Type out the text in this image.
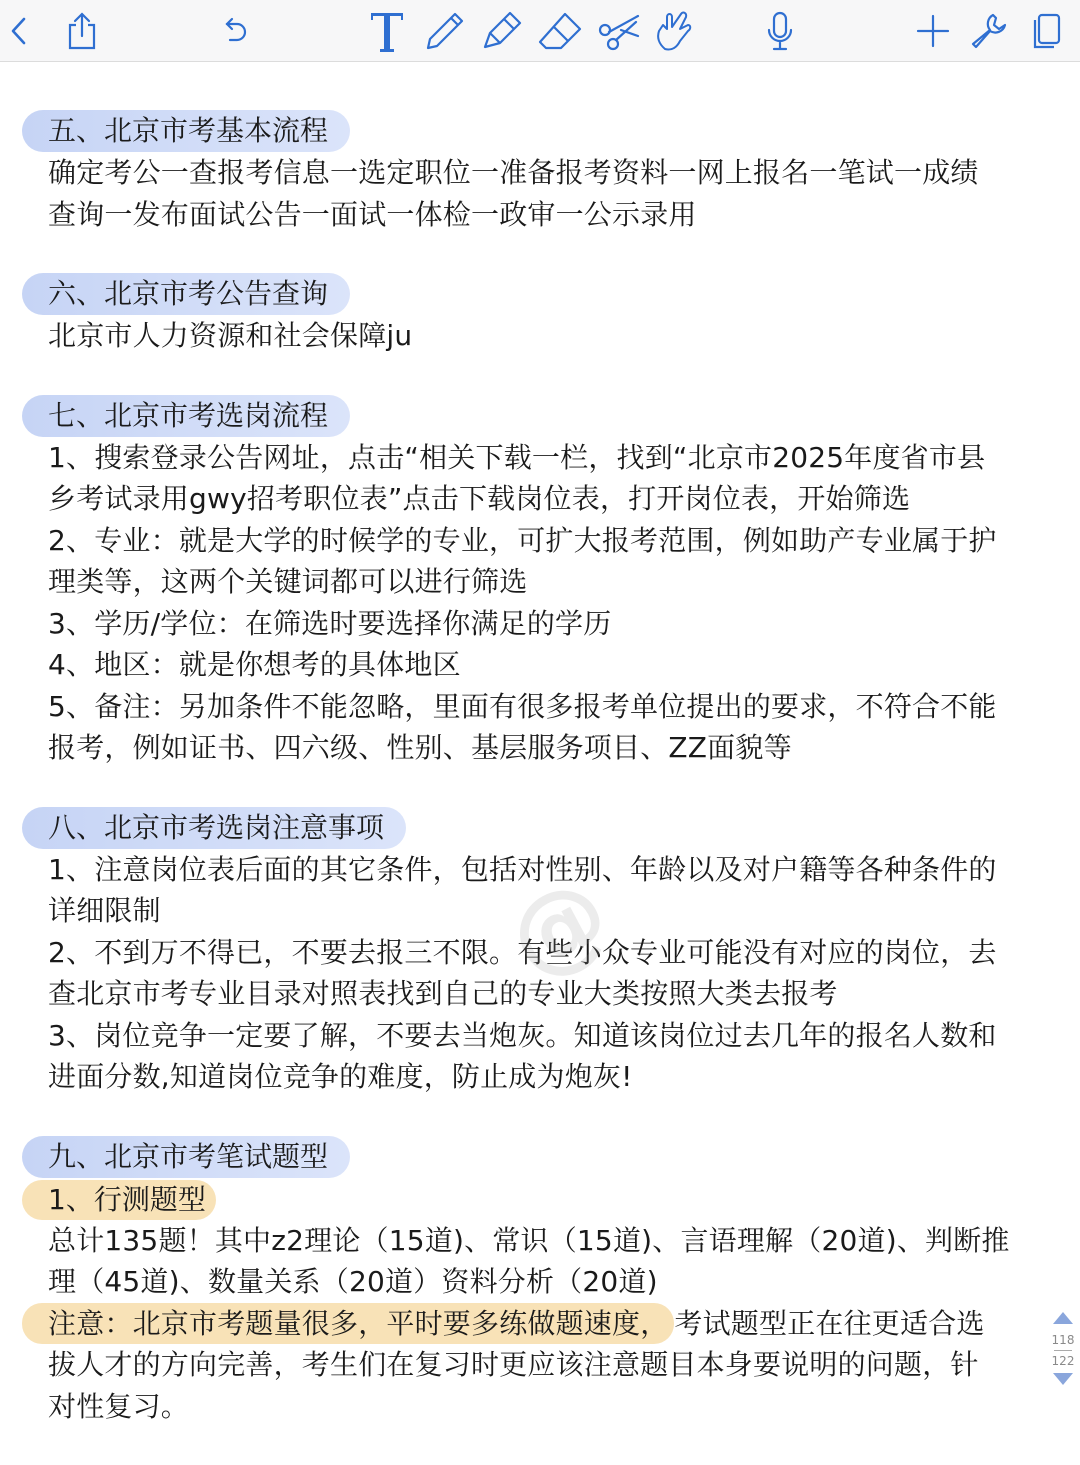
五、北京市考基本流程
确定考公一查报考信息一选定职位一准备报考资料一网上报名一笔试一成绩
查询一发布面试公告一面试一体检一政审一公示录用
六、北京市考公告查询
北京市人力资源和社会保障ju
七、北京市考选岗流程
1、搜索登录公告网址，点击“相关下载一栏，找到“北京市2025年度省市县
乡考试录用gwy招考职位表”点击下载岗位表，打开岗位表，开始筛选
2、专业：就是大学的时候学的专业，可扩大报考范围，例如助产专业属于护
理类等，这两个关键词都可以进行筛选
3、学历/学位：在筛选时要选择你满足的学历
4、地区：就是你想考的具体地区
5、备注：另加条件不能忽略，里面有很多报考单位提出的要求，不符合不能
报考，例如证书、四六级、性别、基层服务项目、ZZ面貌等
八、北京市考选岗注意事项
1、注意岗位表后面的其它条件，包括对性别、年龄以及对户籍等各种条件的
详细限制
2、不到万不得已，不要去报三不限。有些小众专业可能没有对应的岗位，去
查北京市考专业目录对照表找到自己的专业大类按照大类去报考
3、岗位竞争一定要了解，不要去当炮灰。知道该岗位过去几年的报名人数和
进面分数,知道岗位竞争的难度，防止成为炮灰!
九、北京市考笔试题型
1、行测题型
总计135题！其中z2理论（15道)、常识（15道)、言语理解（20道)、判断推
理（45道)、数量关系（20道）资料分析（20道)
注意：北京市考题量很多，平时要多练做题速度， 考试题型正在往更适合选
拔人才的方向完善，考生们在复习时更应该注意题目本身要说明的问题，针
对性复习。
118
122
@
